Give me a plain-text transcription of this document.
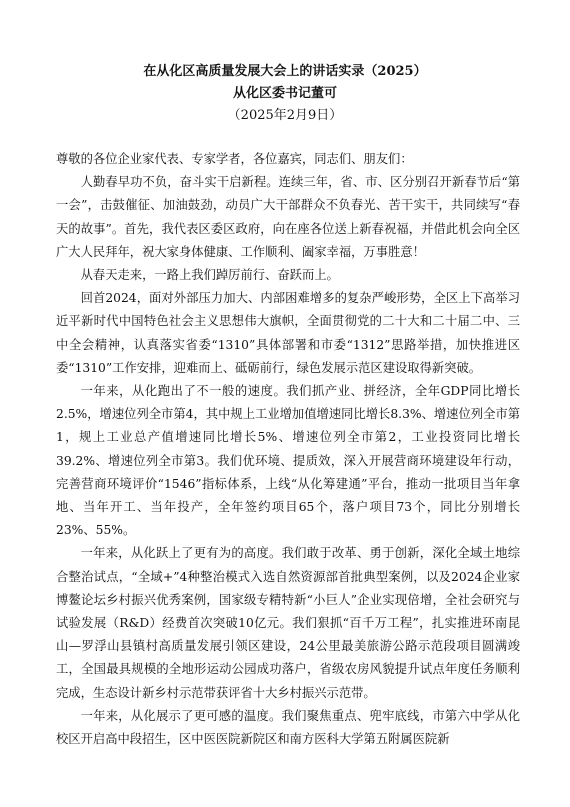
在从化区高质量发展大会上的讲话实录（2025）
从化区委书记董可
（2025年2月9日）

尊敬的各位企业家代表、专家学者，各位嘉宾，同志们、朋友们：

人勤春早功不负，奋斗实干启新程。连续三年，省、市、区分别召开新春节后“第一会”，击鼓催征、加油鼓劲，动员广大干部群众不负春光、苦干实干，共同续写“春天的故事”。首先，我代表区委区政府，向在座各位送上新春祝福，并借此机会向全区广大人民拜年，祝大家身体健康、工作顺利、阖家幸福，万事胜意！

从春天走来，一路上我们踔厉前行、奋跃而上。

回首2024，面对外部压力加大、内部困难增多的复杂严峻形势，全区上下高举习近平新时代中国特色社会主义思想伟大旗帜，全面贯彻党的二十大和二十届二中、三中全会精神，认真落实省委“1310”具体部署和市委“1312”思路举措，加快推进区委“1310”工作安排，迎难而上、砥砺前行，绿色发展示范区建设取得新突破。

一年来，从化跑出了不一般的速度。我们抓产业、拼经济，全年GDP同比增长2.5%，增速位列全市第4，其中规上工业增加值增速同比增长8.3%、增速位列全市第1，规上工业总产值增速同比增长5%、增速位列全市第2，工业投资同比增长39.2%、增速位列全市第3。我们优环境、提质效，深入开展营商环境建设年行动，完善营商环境评价“1546”指标体系，上线“从化筹建通”平台，推动一批项目当年拿地、当年开工、当年投产，全年签约项目65个，落户项目73个，同比分别增长23%、55%。

一年来，从化跃上了更有为的高度。我们敢于改革、勇于创新，深化全域土地综合整治试点，“全域+”4种整治模式入选自然资源部首批典型案例，以及2024企业家博鳌论坛乡村振兴优秀案例，国家级专精特新“小巨人”企业实现倍增，全社会研究与试验发展（R&D）经费首次突破10亿元。我们狠抓“百千万工程”，扎实推进环南昆山—罗浮山县镇村高质量发展引领区建设，24公里最美旅游公路示范段项目圆满竣工，全国最具规模的全地形运动公园成功落户，省级农房风貌提升试点年度任务顺利完成，生态设计新乡村示范带获评省十大乡村振兴示范带。

一年来，从化展示了更可感的温度。我们聚焦重点、兜牢底线，市第六中学从化校区开启高中段招生，区中医医院新院区和南方医科大学第五附属医院新
